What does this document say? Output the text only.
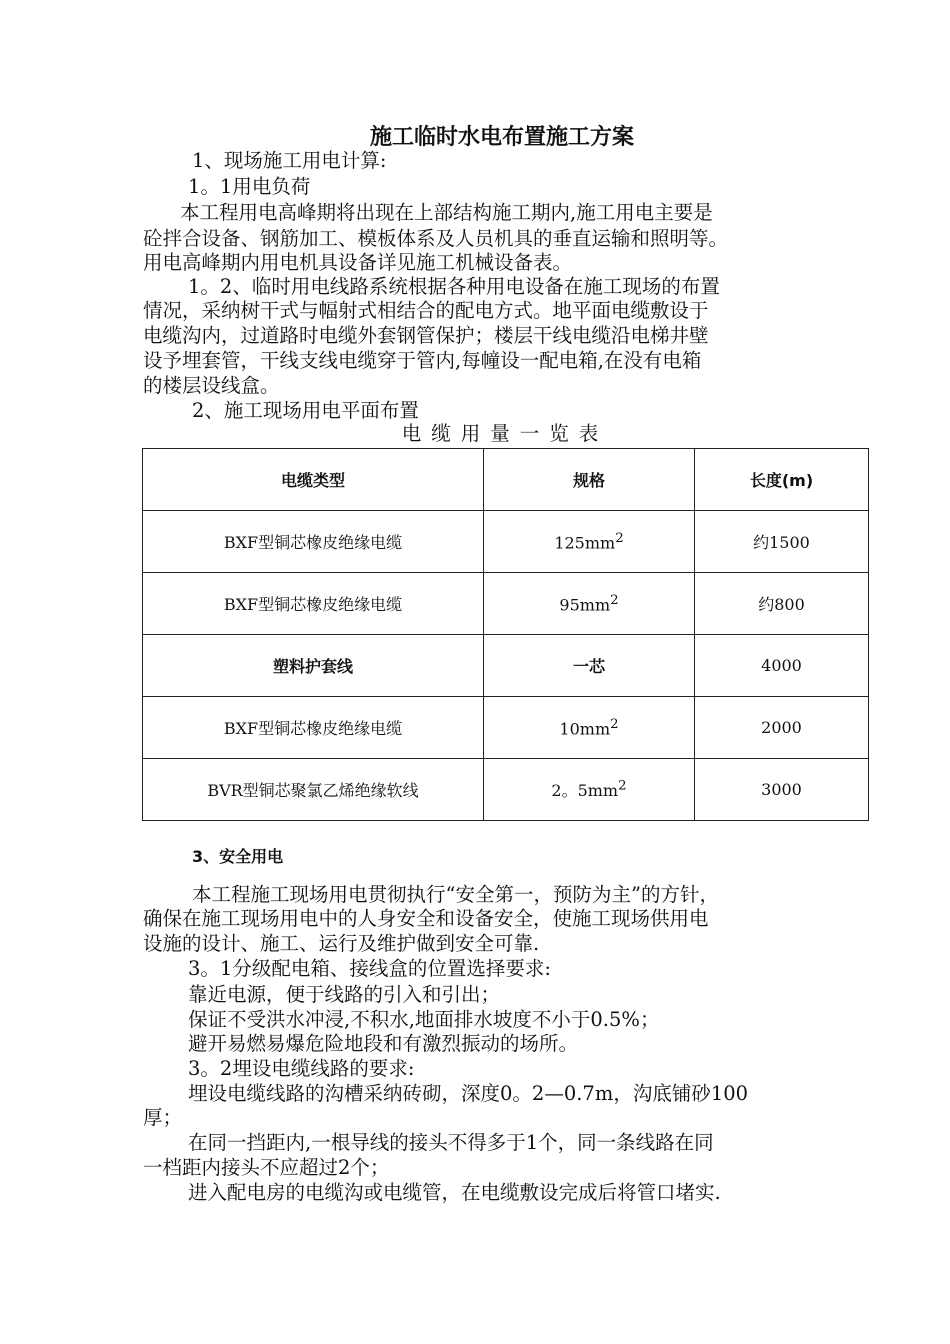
施工临时水电布置施工方案
1、现场施工用电计算:
1。1用电负荷
本工程用电高峰期将出现在上部结构施工期内,施工用电主要是
砼拌合设备、钢筋加工、模板体系及人员机具的垂直运输和照明等。
用电高峰期内用电机具设备详见施工机械设备表。
1。2、临时用电线路系统根据各种用电设备在施工现场的布置
情况，采纳树干式与幅射式相结合的配电方式。地平面电缆敷设于
电缆沟内，过道路时电缆外套钢管保护；楼层干线电缆沿电梯井壁
设予埋套管，干线支线电缆穿于管内,每幢设一配电箱,在没有电箱
的楼层设线盒。
2、施工现场用电平面布置
电缆用量一览表
电缆类型	规格	长度(m)
BXF型铜芯橡皮绝缘电缆	$125mm^2$	约1500
BXF型铜芯橡皮绝缘电缆	$95mm^2$	约800
塑料护套线	一芯	4000
BXF型铜芯橡皮绝缘电缆	$10mm^2$	2000
BVR型铜芯聚氯乙烯绝缘软线	2。$5mm^2$	3000
3、安全用电
本工程施工现场用电贯彻执行“安全第一，预防为主”的方针，
确保在施工现场用电中的人身安全和设备安全，使施工现场供用电
设施的设计、施工、运行及维护做到安全可靠.
3。1分级配电箱、接线盒的位置选择要求:
靠近电源，便于线路的引入和引出；
保证不受洪水冲浸,不积水,地面排水坡度不小于0.5%；
避开易燃易爆危险地段和有激烈振动的场所。
3。2埋设电缆线路的要求:
埋设电缆线路的沟槽采纳砖砌，深度0。2—0.7m，沟底铺砂100
厚；
在同一挡距内,一根导线的接头不得多于1个，同一条线路在同
一档距内接头不应超过2个；
进入配电房的电缆沟或电缆管，在电缆敷设完成后将管口堵实.
